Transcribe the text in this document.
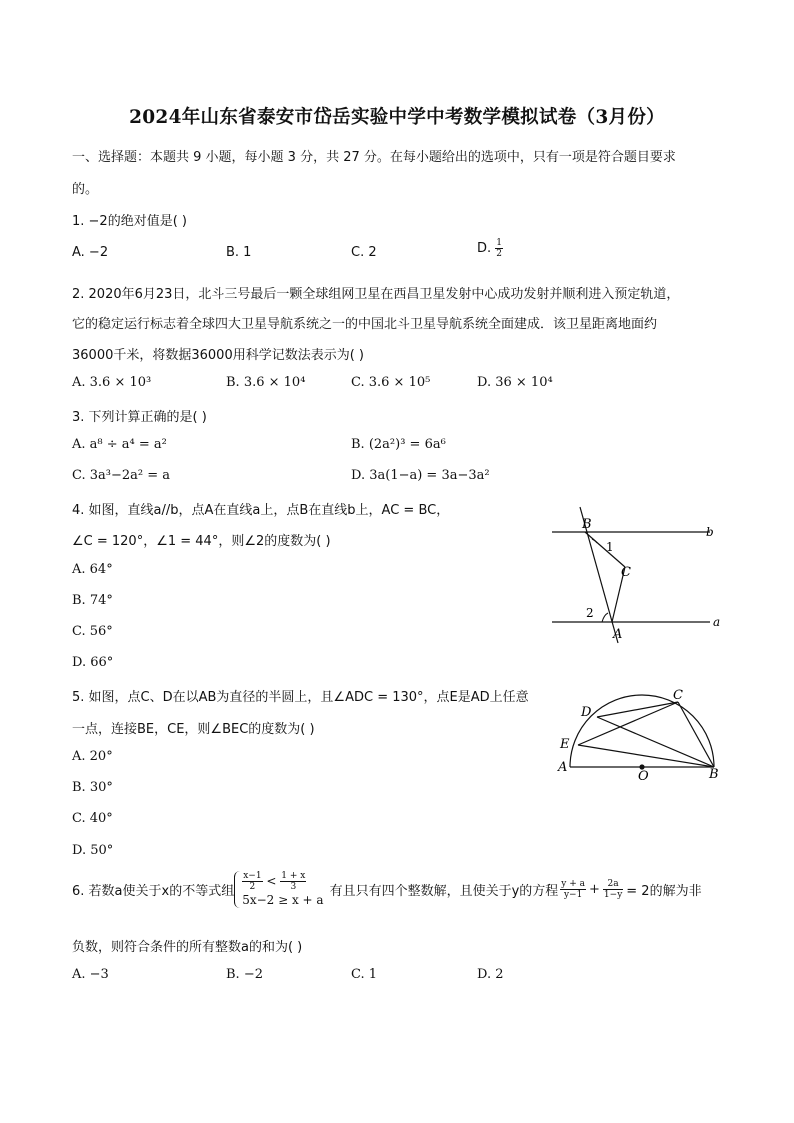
2024年山东省泰安市岱岳实验中学中考数学模拟试卷（3月份）
一、选择题：本题共 9 小题，每小题 3 分，共 27 分。在每小题给出的选项中，只有一项是符合题目要求
的。
1. −2的绝对值是( )
A. −2	B. 1	C. 2	D. $\frac{1}{2}$
2. 2020年6月23日，北斗三号最后一颗全球组网卫星在西昌卫星发射中心成功发射并顺利进入预定轨道，
它的稳定运行标志着全球四大卫星导航系统之一的中国北斗卫星导航系统全面建成．该卫星距离地面约
36000千米，将数据36000用科学记数法表示为( )
A. 3.6 × 10³	B. 3.6 × 10⁴	C. 3.6 × 10⁵	D. 36 × 10⁴
3. 下列计算正确的是( )
A. a⁸ ÷ a⁴ = a²	B. (2a²)³ = 6a⁶
C. 3a³−2a² = a	D. 3a(1−a) = 3a−3a²
4. 如图，直线a//b，点A在直线a上，点B在直线b上，AC = BC，
∠C = 120°，∠1 = 44°，则∠2的度数为( )
A. 64°
B. 74°
C. 56°
D. 66°
B	b
1
C
2
a
A
5. 如图，点C、D在以AB为直径的半圆上，且∠ADC = 130°，点E是AD上任意
一点，连接BE，CE，则∠BEC的度数为( )
A. 20°
B. 30°
C. 40°
D. 50°
C
D
E
A
O	B
6. 若数a使关于x的不等式组 $\frac{x-1}{2} < \frac{1 + x}{3}$
5x−2 ≥ x + a
有且只有四个整数解，且使关于y的方程 $\frac{y + a}{y-1} + \frac{2a}{1-y} = 2$的解为非
负数，则符合条件的所有整数a的和为( )
A. −3	B. −2	C. 1	D. 2
